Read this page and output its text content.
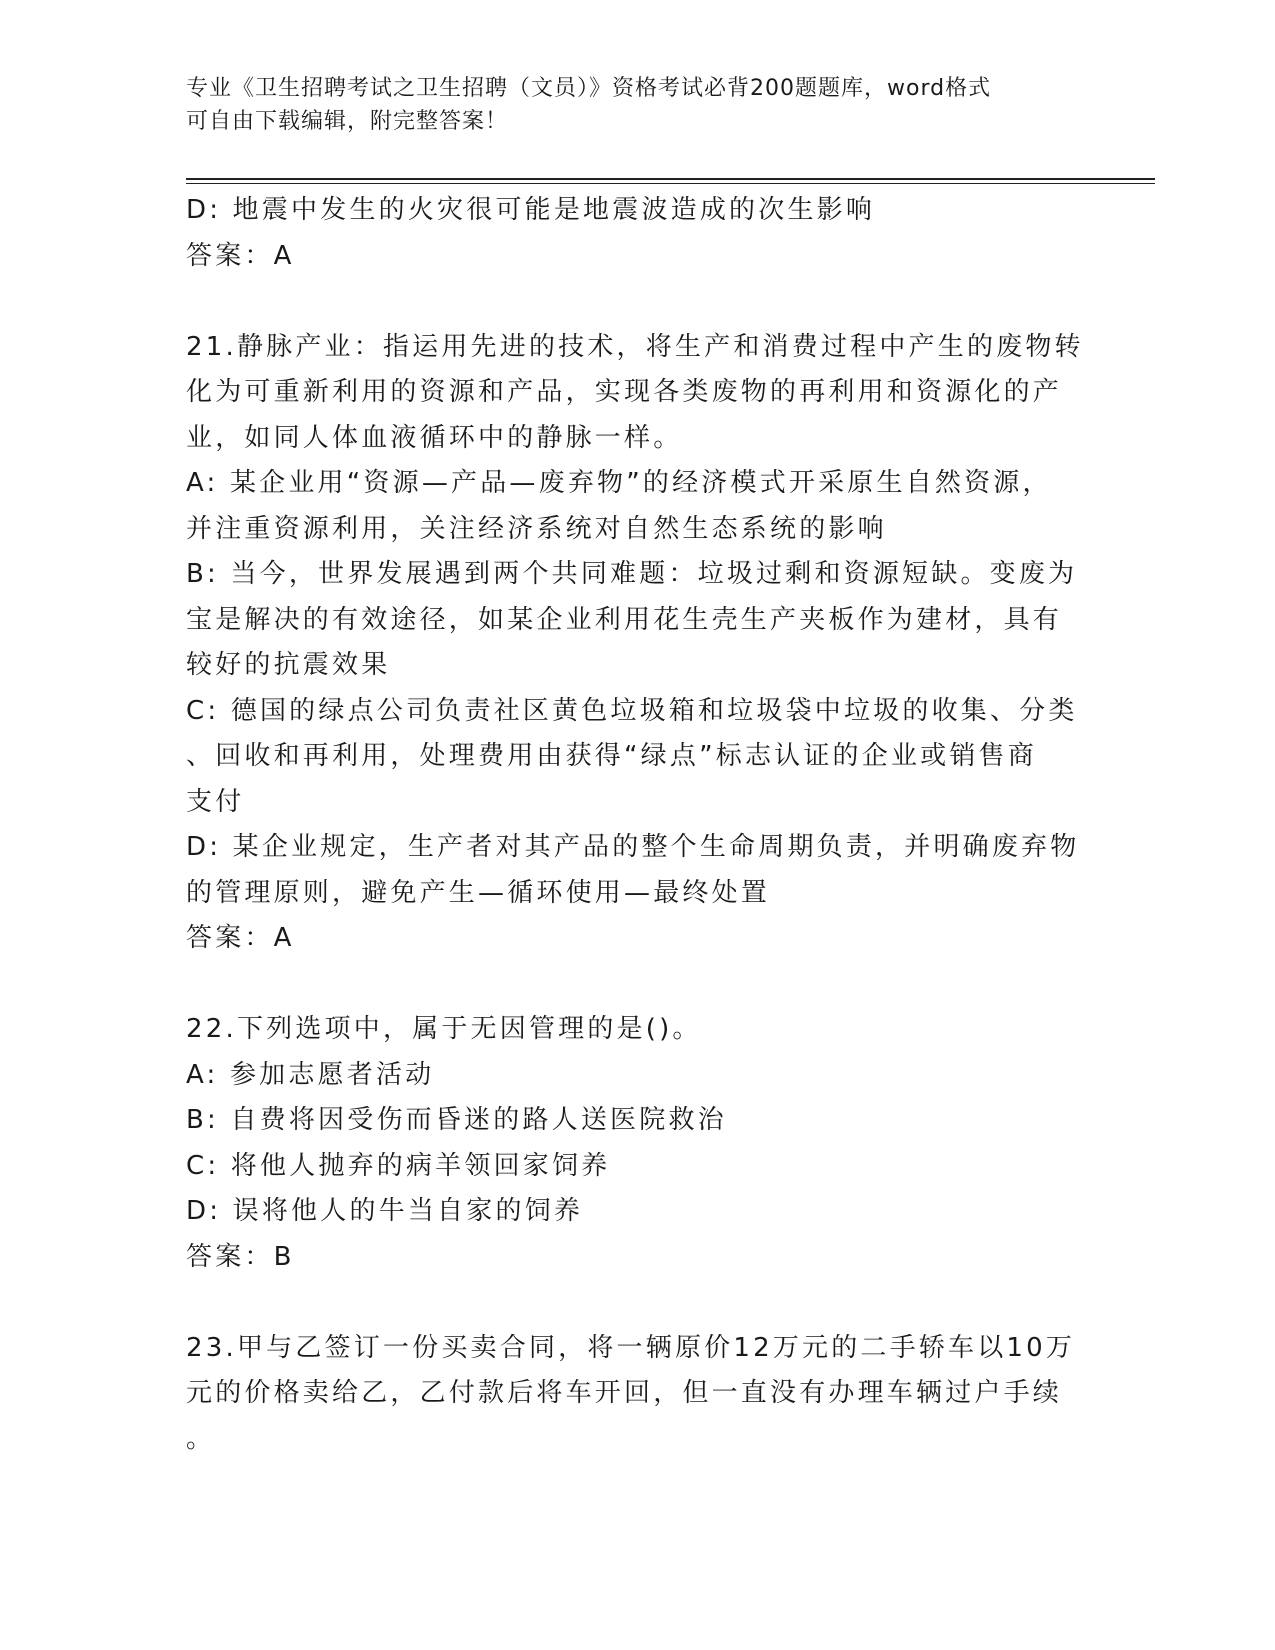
专业《卫生招聘考试之卫生招聘（文员）》资格考试必背200题题库，word格式
可自由下载编辑，附完整答案！
D: 地震中发生的火灾很可能是地震波造成的次生影响
答案：A
21.静脉产业：指运用先进的技术，将生产和消费过程中产生的废物转
化为可重新利用的资源和产品，实现各类废物的再利用和资源化的产
业，如同人体血液循环中的静脉一样。
A: 某企业用“资源—产品—废弃物”的经济模式开采原生自然资源，
并注重资源利用，关注经济系统对自然生态系统的影响
B: 当今，世界发展遇到两个共同难题：垃圾过剩和资源短缺。变废为
宝是解决的有效途径，如某企业利用花生壳生产夹板作为建材，具有
较好的抗震效果
C: 德国的绿点公司负责社区黄色垃圾箱和垃圾袋中垃圾的收集、分类
、回收和再利用，处理费用由获得“绿点”标志认证的企业或销售商
支付
D: 某企业规定，生产者对其产品的整个生命周期负责，并明确废弃物
的管理原则，避免产生—循环使用—最终处置
答案：A
22.下列选项中，属于无因管理的是()。
A: 参加志愿者活动
B: 自费将因受伤而昏迷的路人送医院救治
C: 将他人抛弃的病羊领回家饲养
D: 误将他人的牛当自家的饲养
答案：B
23.甲与乙签订一份买卖合同，将一辆原价12万元的二手轿车以10万
元的价格卖给乙，乙付款后将车开回，但一直没有办理车辆过户手续
。
